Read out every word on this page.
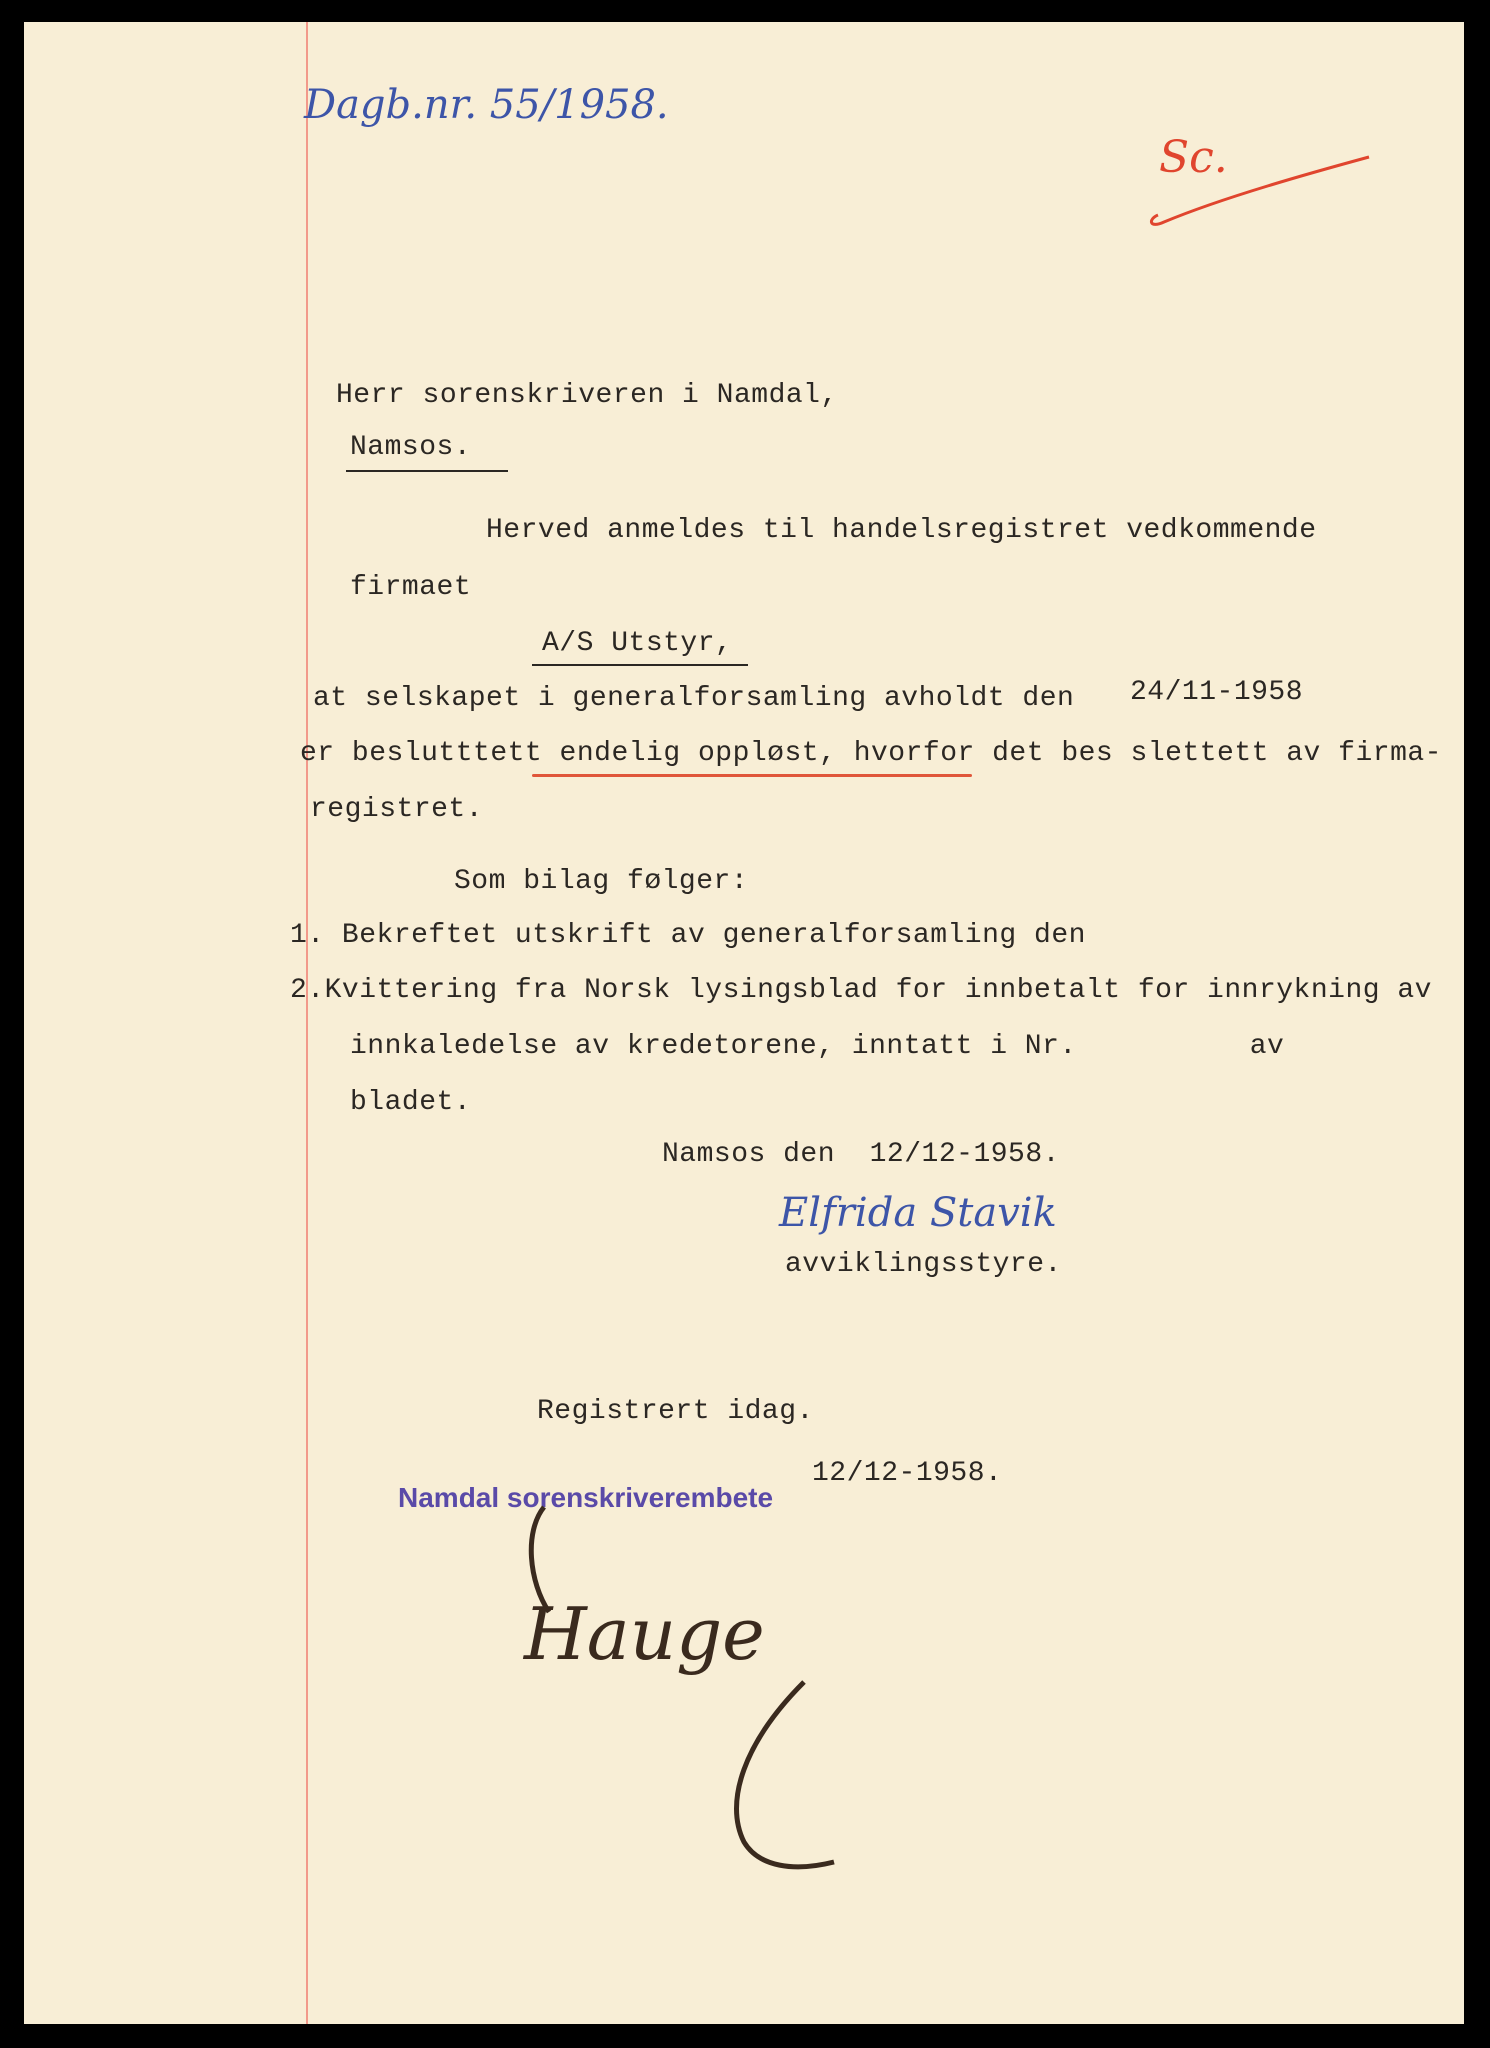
Dagb.nr. 55/1958.
Sc.
Herr sorenskriveren i Namdal,
Namsos.
Herved anmeldes til handelsregistret vedkommende
firmaet
A/S Utstyr,
at selskapet i generalforsamling avholdt den 24/11-1958
er beslutttett endelig oppløst, hvorfor det bes slettett av firma-
registret.
Som bilag følger:
1. Bekreftet utskrift av generalforsamling den
2.Kvittering fra Norsk lysingsblad for innbetalt for innrykning av
innkaledelse av kredetorene, inntatt i Nr.          av
bladet.
Namsos den  12/12-1958.
Elfrida Stavik
avviklingsstyre.
Registrert idag.
12/12-1958.
Namdal sorenskriverembete
Hauge
